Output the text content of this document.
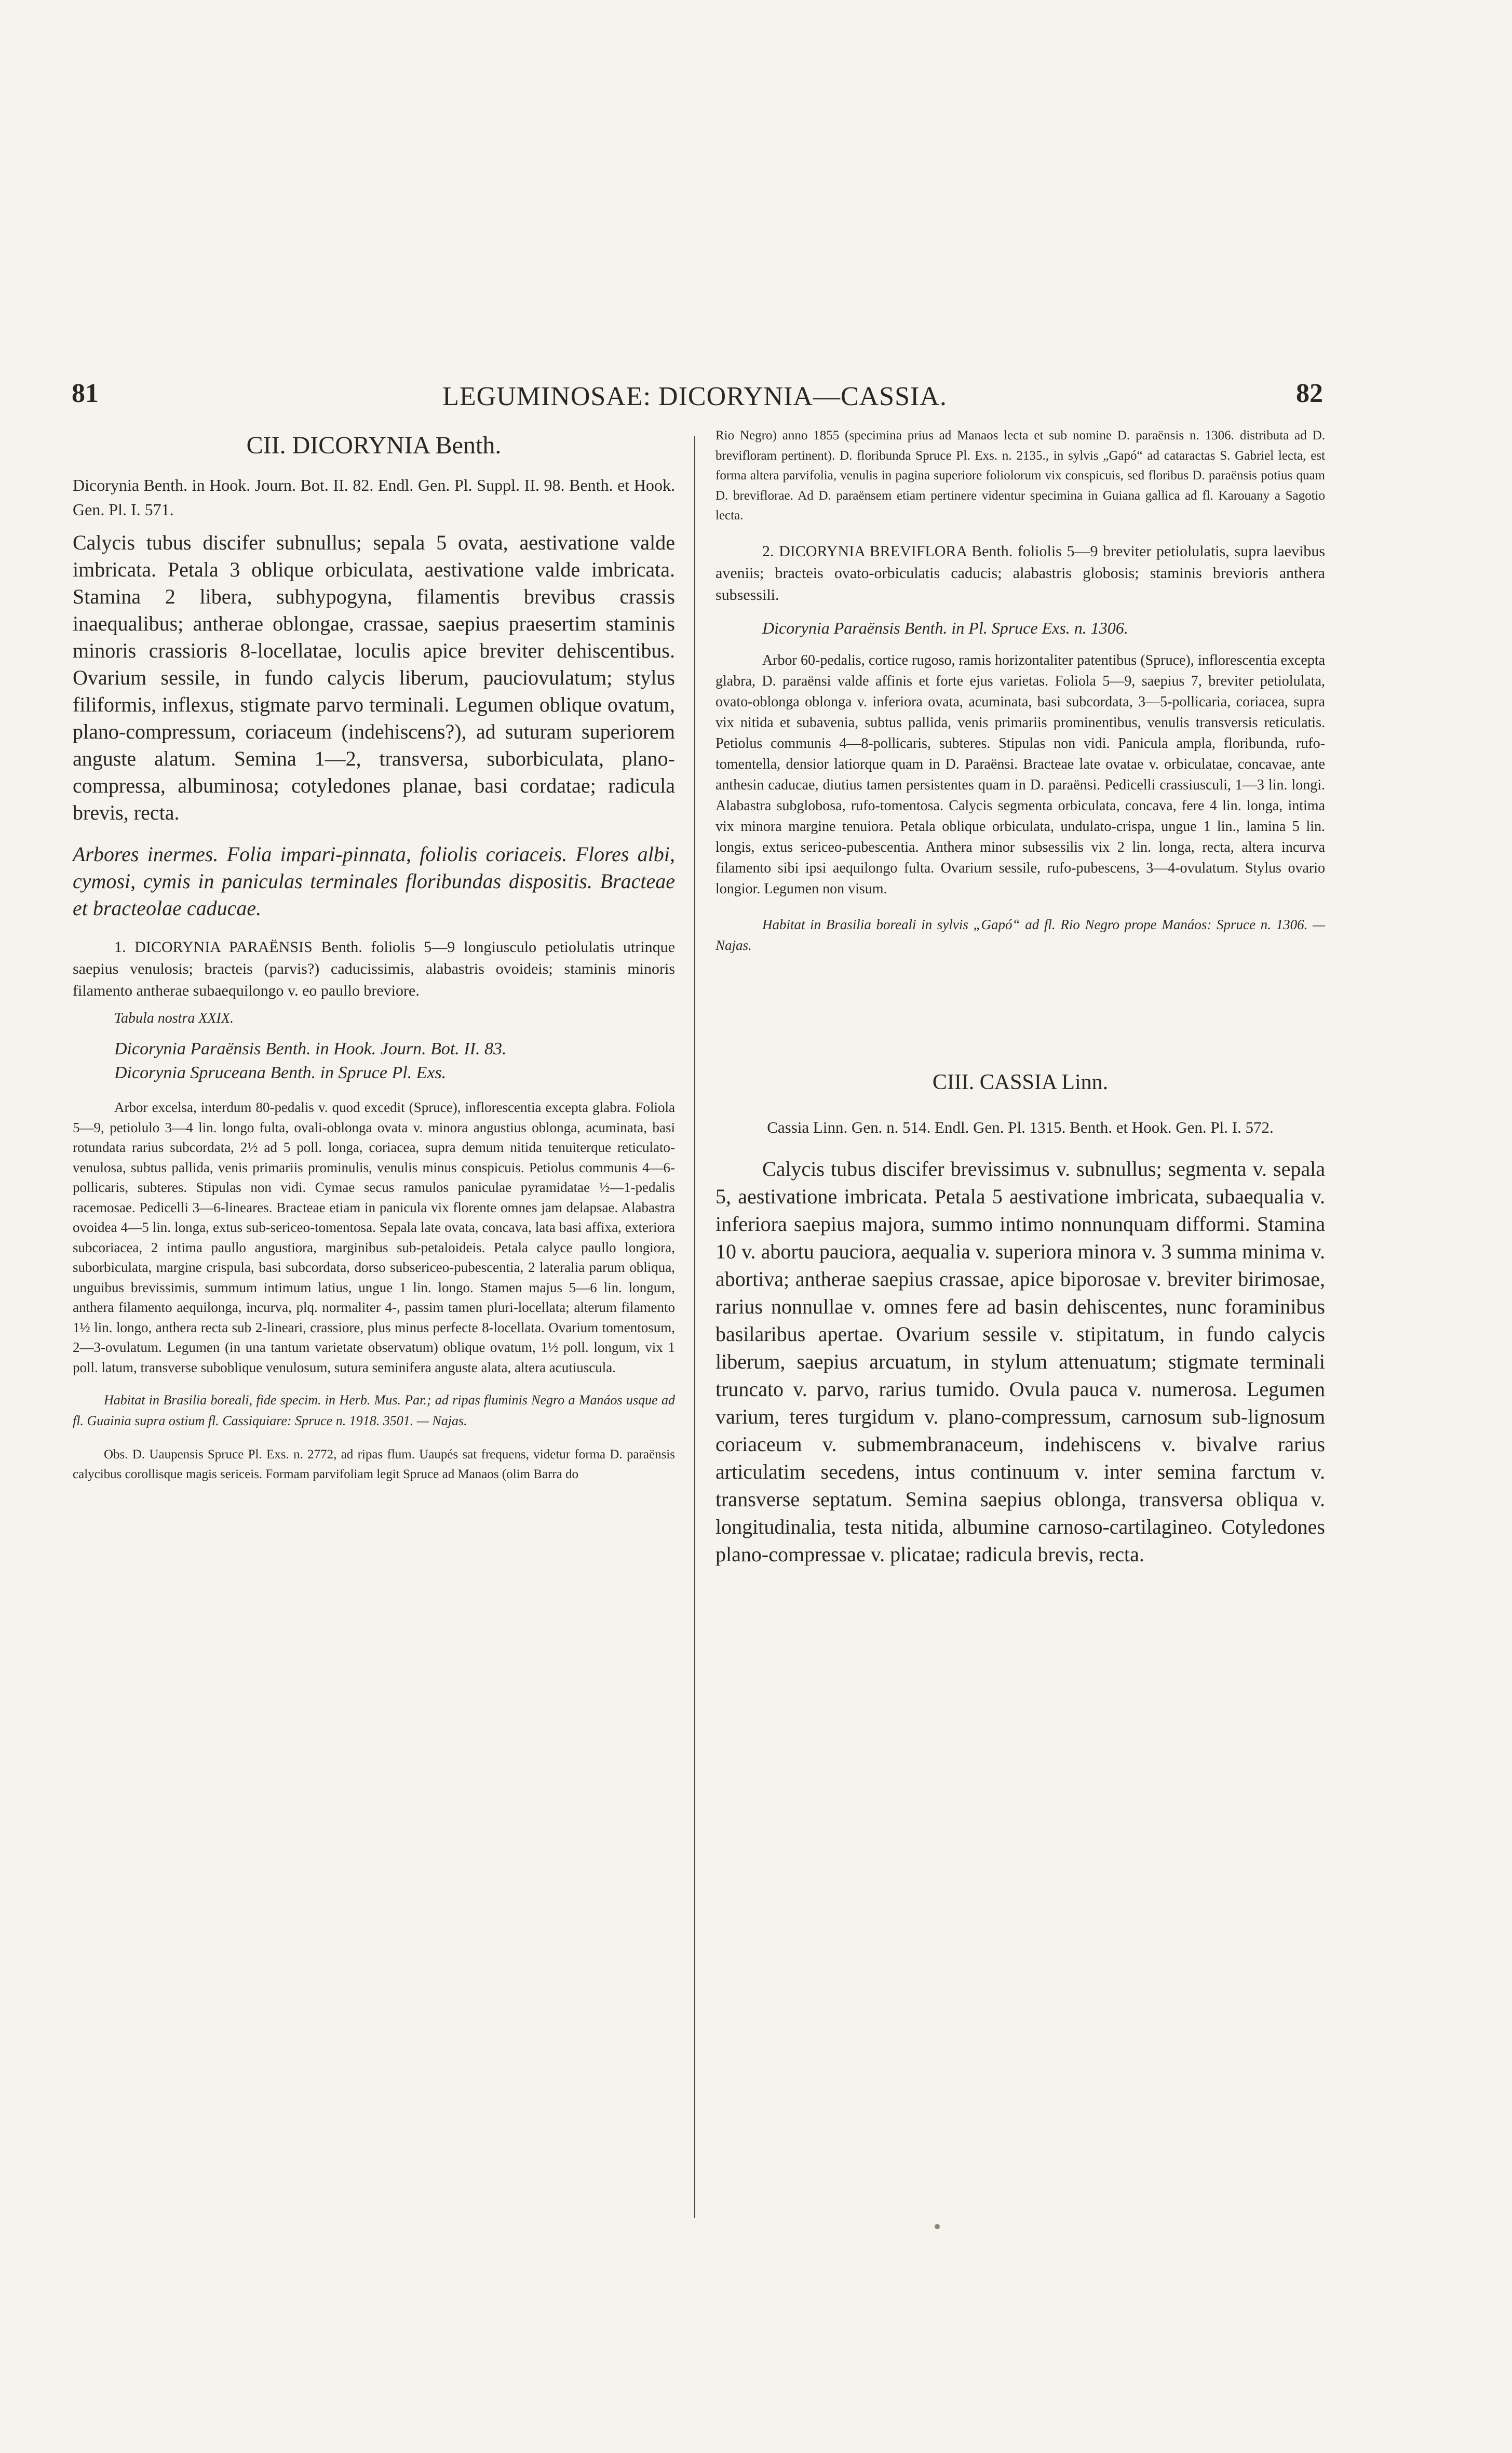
81	LEGUMINOSAE: DICORYNIA—CASSIA.	82
CII. DICORYNIA Benth.
Dicorynia Benth. in Hook. Journ. Bot. II. 82. Endl. Gen. Pl. Suppl. II. 98. Benth. et Hook. Gen. Pl. I. 571.
Calycis tubus discifer subnullus; sepala 5 ovata, aestivatione valde imbricata. Petala 3 oblique orbiculata, aestivatione valde imbricata. Stamina 2 libera, subhypogyna, filamentis brevibus crassis inaequalibus; antherae oblongae, crassae, saepius praesertim staminis minoris crassioris 8-locellatae, loculis apice breviter dehiscentibus. Ovarium sessile, in fundo calycis liberum, pauciovulatum; stylus filiformis, inflexus, stigmate parvo terminali. Legumen oblique ovatum, plano-compressum, coriaceum (indehiscens?), ad suturam superiorem anguste alatum. Semina 1—2, transversa, suborbiculata, plano-compressa, albuminosa; cotyledones planae, basi cordatae; radicula brevis, recta.
Arbores inermes. Folia impari-pinnata, foliolis coriaceis. Flores albi, cymosi, cymis in paniculas terminales floribundas dispositis. Bracteae et bracteolae caducae.
1. DICORYNIA PARAËNSIS Benth. foliolis 5—9 longiusculo petiolulatis utrinque saepius venulosis; bracteis (parvis?) caducissimis, alabastris ovoideis; staminis minoris filamento antherae subaequilongo v. eo paullo breviore.
Tabula nostra XXIX.
Dicorynia Paraënsis Benth. in Hook. Journ. Bot. II. 83.
Dicorynia Spruceana Benth. in Spruce Pl. Exs.
Arbor excelsa, interdum 80-pedalis v. quod excedit (Spruce), inflorescentia excepta glabra. Foliola 5—9, petiolulo 3—4 lin. longo fulta, ovali-oblonga ovata v. minora angustius oblonga, acuminata, basi rotundata rarius subcordata, 2½ ad 5 poll. longa, coriacea, supra demum nitida tenuiterque reticulato-venulosa, subtus pallida, venis primariis prominulis, venulis minus conspicuis. Petiolus communis 4—6-pollicaris, subteres. Stipulas non vidi. Cymae secus ramulos paniculae pyramidatae ½—1-pedalis racemosae. Pedicelli 3—6-lineares. Bracteae etiam in panicula vix florente omnes jam delapsae. Alabastra ovoidea 4—5 lin. longa, extus sub-sericeo-tomentosa. Sepala late ovata, concava, lata basi affixa, exteriora subcoriacea, 2 intima paullo angustiora, marginibus sub-petaloideis. Petala calyce paullo longiora, suborbiculata, margine crispula, basi subcordata, dorso subsericeo-pubescentia, 2 lateralia parum obliqua, unguibus brevissimis, summum intimum latius, ungue 1 lin. longo. Stamen majus 5—6 lin. longum, anthera filamento aequilonga, incurva, plq. normaliter 4-, passim tamen pluri-locellata; alterum filamento 1½ lin. longo, anthera recta sub 2-lineari, crassiore, plus minus perfecte 8-locellata. Ovarium tomentosum, 2—3-ovulatum. Legumen (in una tantum varietate observatum) oblique ovatum, 1½ poll. longum, vix 1 poll. latum, transverse suboblique venulosum, sutura seminifera anguste alata, altera acutiuscula.
Habitat in Brasilia boreali, fide specim. in Herb. Mus. Par.; ad ripas fluminis Negro a Manáos usque ad fl. Guainia supra ostium fl. Cassiquiare: Spruce n. 1918. 3501. — Najas.
Obs. D. Uaupensis Spruce Pl. Exs. n. 2772, ad ripas flum. Uaupés sat frequens, videtur forma D. paraënsis calycibus corollisque magis sericeis. Formam parvifoliam legit Spruce ad Manaos (olim Barra do
Rio Negro) anno 1855 (specimina prius ad Manaos lecta et sub nomine D. paraënsis n. 1306. distributa ad D. brevifloram pertinent). D. floribunda Spruce Pl. Exs. n. 2135., in sylvis „Gapó“ ad cataractas S. Gabriel lecta, est forma altera parvifolia, venulis in pagina superiore foliolorum vix conspicuis, sed floribus D. paraënsis potius quam D. breviflorae. Ad D. paraënsem etiam pertinere videntur specimina in Guiana gallica ad fl. Karouany a Sagotio lecta.
2. DICORYNIA BREVIFLORA Benth. foliolis 5—9 breviter petiolulatis, supra laevibus aveniis; bracteis ovato-orbiculatis caducis; alabastris globosis; staminis brevioris anthera subsessili.
Dicorynia Paraënsis Benth. in Pl. Spruce Exs. n. 1306.
Arbor 60-pedalis, cortice rugoso, ramis horizontaliter patentibus (Spruce), inflorescentia excepta glabra, D. paraënsi valde affinis et forte ejus varietas. Foliola 5—9, saepius 7, breviter petiolulata, ovato-oblonga oblonga v. inferiora ovata, acuminata, basi subcordata, 3—5-pollicaria, coriacea, supra vix nitida et subavenia, subtus pallida, venis primariis prominentibus, venulis transversis reticulatis. Petiolus communis 4—8-pollicaris, subteres. Stipulas non vidi. Panicula ampla, floribunda, rufo-tomentella, densior latiorque quam in D. Paraënsi. Bracteae late ovatae v. orbiculatae, concavae, ante anthesin caducae, diutius tamen persistentes quam in D. paraënsi. Pedicelli crassiusculi, 1—3 lin. longi. Alabastra subglobosa, rufo-tomentosa. Calycis segmenta orbiculata, concava, fere 4 lin. longa, intima vix minora margine tenuiora. Petala oblique orbiculata, undulato-crispa, ungue 1 lin., lamina 5 lin. longis, extus sericeo-pubescentia. Anthera minor subsessilis vix 2 lin. longa, recta, altera incurva filamento sibi ipsi aequilongo fulta. Ovarium sessile, rufo-pubescens, 3—4-ovulatum. Stylus ovario longior. Legumen non visum.
Habitat in Brasilia boreali in sylvis „Gapó“ ad fl. Rio Negro prope Manáos: Spruce n. 1306. — Najas.
CIII. CASSIA Linn.
Cassia Linn. Gen. n. 514. Endl. Gen. Pl. 1315. Benth. et Hook. Gen. Pl. I. 572.
Calycis tubus discifer brevissimus v. subnullus; segmenta v. sepala 5, aestivatione imbricata. Petala 5 aestivatione imbricata, subaequalia v. inferiora saepius majora, summo intimo nonnunquam difformi. Stamina 10 v. abortu pauciora, aequalia v. superiora minora v. 3 summa minima v. abortiva; antherae saepius crassae, apice biporosae v. breviter birimosae, rarius nonnullae v. omnes fere ad basin dehiscentes, nunc foraminibus basilaribus apertae. Ovarium sessile v. stipitatum, in fundo calycis liberum, saepius arcuatum, in stylum attenuatum; stigmate terminali truncato v. parvo, rarius tumido. Ovula pauca v. numerosa. Legumen varium, teres turgidum v. plano-compressum, carnosum sub-lignosum coriaceum v. submembranaceum, indehiscens v. bivalve rarius articulatim secedens, intus continuum v. inter semina farctum v. transverse septatum. Semina saepius oblonga, transversa obliqua v. longitudinalia, testa nitida, albumine carnoso-cartilagineo. Cotyledones plano-compressae v. plicatae; radicula brevis, recta.
